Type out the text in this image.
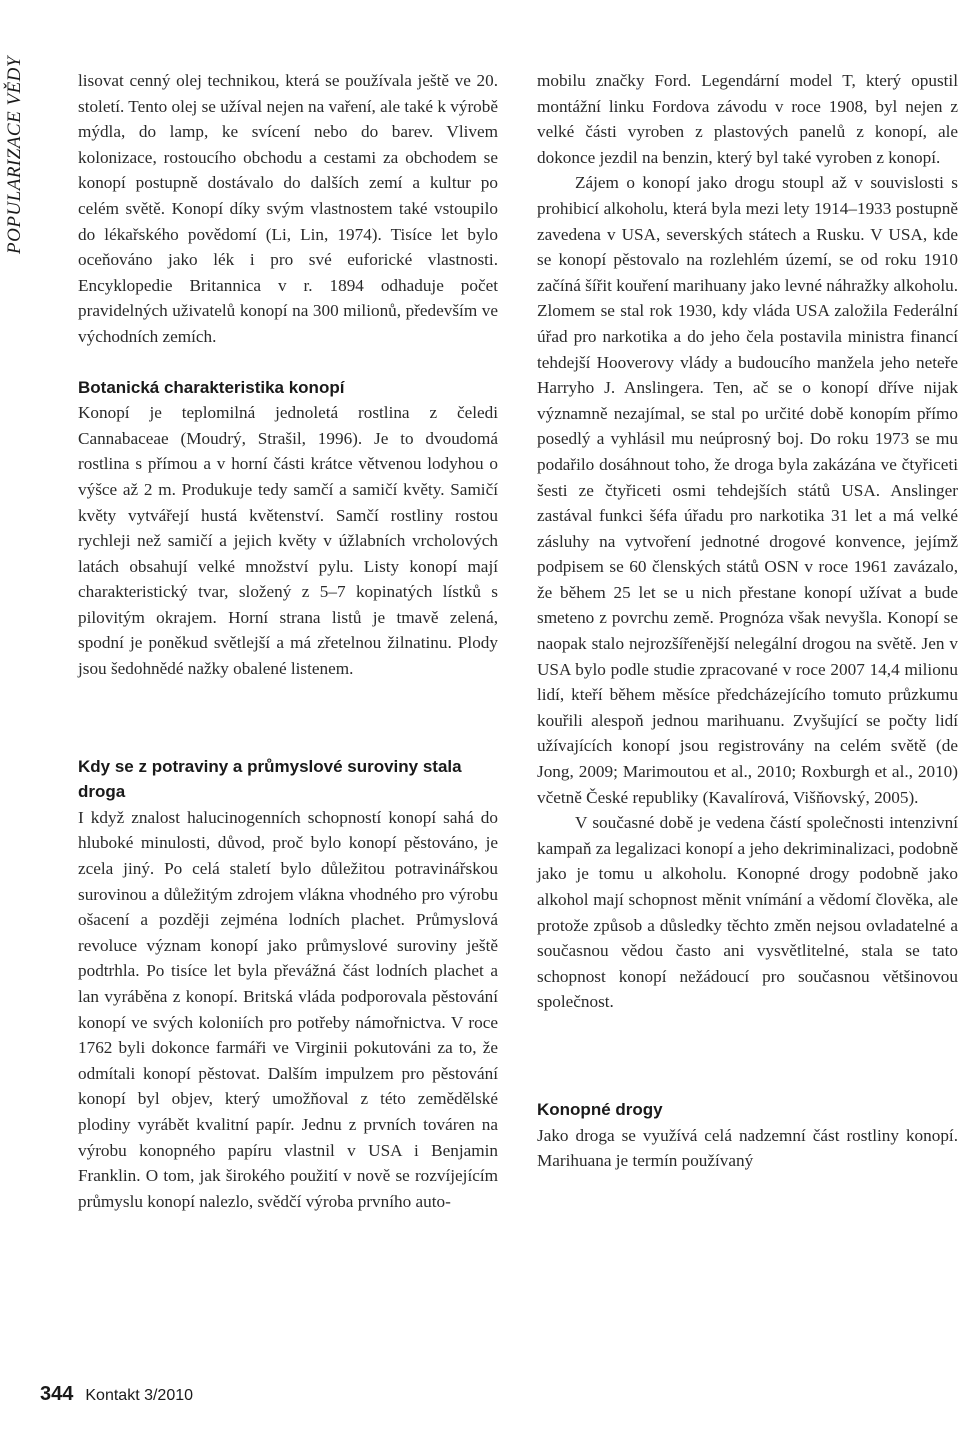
POPULARIZACE VĚDY	lisovat cenný olej technikou, která se používala ještě ve 20. století. Tento olej se užíval nejen na vaření, ale také k výrobě mýdla, do lamp, ke svícení nebo do barev. Vlivem kolonizace, rostoucího obchodu a cestami za obchodem se konopí postupně dostávalo do dalších zemí a kultur po celém světě. Konopí díky svým vlastnostem také vstoupilo do lékařského povědomí (Li, Lin, 1974). Tisíce let bylo oceňováno jako lék i pro své euforické vlastnosti. Encyklopedie Britannica v r. 1894 odhaduje počet pravidelných uživatelů konopí na 300 milionů, především ve východních zemích.

Botanická charakteristika konopí

Konopí je teplomilná jednoletá rostlina z čeledi Cannabaceae (Moudrý, Strašil, 1996). Je to dvoudomá rostlina s přímou a v horní části krátce větvenou lodyhou o výšce až 2 m. Produkuje tedy samčí a samičí květy. Samičí květy vytvářejí hustá květenství. Samčí rostliny rostou rychleji než samičí a jejich květy v úžlabních vrcholových latách obsahují velké množství pylu. Listy konopí mají charakteristický tvar, složený z 5–7 kopinatých lístků s pilovitým okrajem. Horní strana listů je tmavě zelená, spodní je poněkud světlejší a má zřetelnou žilnatinu. Plody jsou šedohnědé nažky obalené listenem.

Kdy se z potraviny a průmyslové suroviny stala droga

I když znalost halucinogenních schopností konopí sahá do hluboké minulosti, důvod, proč bylo konopí pěstováno, je zcela jiný. Po celá staletí bylo důležitou potravinářskou surovinou a důležitým zdrojem vlákna vhodného pro výrobu ošacení a později zejména lodních plachet. Průmyslová revoluce význam konopí jako průmyslové suroviny ještě podtrhla. Po tisíce let byla převážná část lodních plachet a lan vyráběna z konopí. Britská vláda podporovala pěstování konopí ve svých koloniích pro potřeby námořnictva. V roce 1762 byli dokonce farmáři ve Virginii pokutováni za to, že odmítali konopí pěstovat. Dalším impulzem pro pěstování konopí byl objev, který umožňoval z této zemědělské plodiny vyrábět kvalitní papír. Jednu z prvních továren na výrobu konopného papíru vlastnil v USA i Benjamin Franklin. O tom, jak širokého použití v nově se rozvíjejícím průmyslu konopí nalezlo, svědčí výroba prvního auto-

mobilu značky Ford. Legendární model T, který opustil montážní linku Fordova závodu v roce 1908, byl nejen z velké části vyroben z plastových panelů z konopí, ale dokonce jezdil na benzin, který byl také vyroben z konopí.

Zájem o konopí jako drogu stoupl až v souvislosti s prohibicí alkoholu, která byla mezi lety 1914–1933 postupně zavedena v USA, severských státech a Rusku. V USA, kde se konopí pěstovalo na rozlehlém území, se od roku 1910 začíná šířit kouření marihuany jako levné náhražky alkoholu. Zlomem se stal rok 1930, kdy vláda USA založila Federální úřad pro narkotika a do jeho čela postavila ministra financí tehdejší Hooverovy vlády a budoucího manžela jeho neteře Harryho J. Anslingera. Ten, ač se o konopí dříve nijak významně nezajímal, se stal po určité době konopím přímo posedlý a vyhlásil mu neúprosný boj. Do roku 1973 se mu podařilo dosáhnout toho, že droga byla zakázána ve čtyřiceti šesti ze čtyřiceti osmi tehdejších států USA. Anslinger zastával funkci šéfa úřadu pro narkotika 31 let a má velké zásluhy na vytvoření jednotné drogové konvence, jejímž podpisem se 60 členských států OSN v roce 1961 zavázalo, že během 25 let se u nich přestane konopí užívat a bude smeteno z povrchu země. Prognóza však nevyšla. Konopí se naopak stalo nejrozšířenější nelegální drogou na světě. Jen v USA bylo podle studie zpracované v roce 2007 14,4 milionu lidí, kteří během měsíce předcházejícího tomuto průzkumu kouřili alespoň jednou marihuanu. Zvyšující se počty lidí užívajících konopí jsou registrovány na celém světě (de Jong, 2009; Marimoutou et al., 2010; Roxburgh et al., 2010) včetně České republiky (Kavalírová, Višňovský, 2005).

V současné době je vedena částí společnosti intenzivní kampaň za legalizaci konopí a jeho dekriminalizaci, podobně jako je tomu u alkoholu. Konopné drogy podobně jako alkohol mají schopnost měnit vnímání a vědomí člověka, ale protože způsob a důsledky těchto změn nejsou ovladatelné a současnou vědou často ani vysvětlitelné, stala se tato schopnost konopí nežádoucí pro současnou většinovou společnost.

Konopné drogy

Jako droga se využívá celá nadzemní část rostliny konopí. Marihuana je termín používaný

344 Kontakt 3/2010
